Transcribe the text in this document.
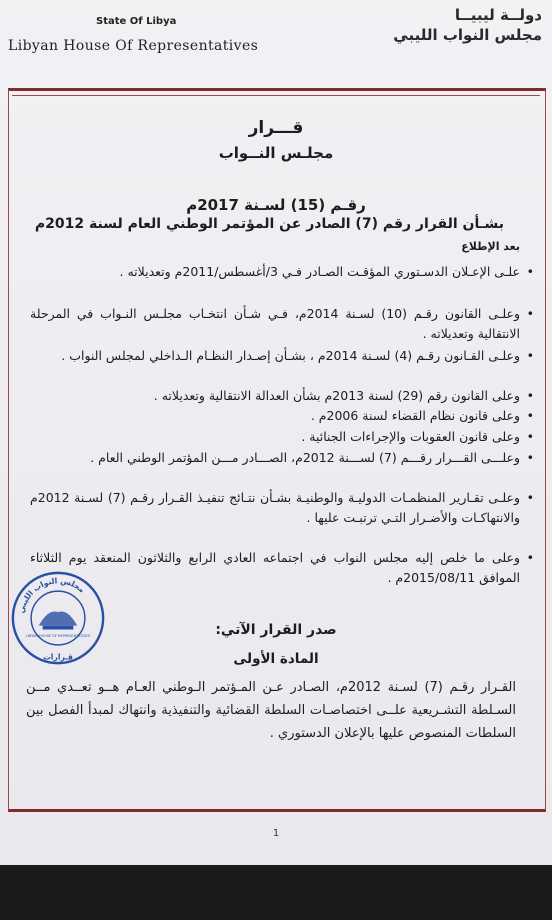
State Of Libya
Libyan House Of Representatives
دولــة ليبيــا
مجلس النواب الليبي
قـــرار
مجلـس النــواب
رقـم (15) لسـنة 2017م
بشـأن القرار رقم (7) الصادر عن المؤتمر الوطني العام لسنة 2012م
بعد الإطلاع
• علـى الإعـلان الدسـتوري المؤقـت الصـادر فـي 3/أغسطس/2011م وتعديلاته .
• وعلـى القانون رقـم (10) لسـنة 2014م، فـي شـأن انتخـاب مجلـس النـواب في المرحلة الانتقالية وتعديلاته .
• وعلـى القـانون رقـم (4) لسـنة 2014م ، بشـأن إصـدار النظـام الـداخلي لمجلس النواب .
• وعلى القانون رقم (29) لسنة 2013م بشأن العدالة الانتقالية وتعديلاته .
• وعلى قانون نظام القضاء لسنة 2006م .
• وعلى قانون العقوبات والإجراءات الجنائية .
• وعلـــى القـــرار رقـــم (7) لســـنة 2012م، الصـــادر مـــن المؤتمر الوطني العام .
• وعلـى تقـارير المنظمـات الدوليـة والوطنيـة بشـأن نتـائج تنفيـذ القـرار رقـم (7) لسـنة 2012م والانتهاكـات والأضـرار التـي ترتبـت عليها .
• وعلى ما خلص إليه مجلس النواب في اجتماعه العادي الرابع والثلاثون المنعقد يوم الثلاثاء الموافق 2015/08/11م .
صدر القرار الآتي:
المادة الأولى
القـرار رقـم (7) لسـنة 2012م، الصـادر عـن المـؤتمر الـوطني العـام هــو تعــدي مــن السـلطة التشـريعية علــى اختصاصـات السلطة القضائية والتنفيذية وانتهاك لمبدأ الفصل بين السلطات المنصوص عليها بالإعلان الدستوري .
مجلس النواب الليبي
LIBYAN HOUSE OF REPRESENTATIVES
قـرارات
1
